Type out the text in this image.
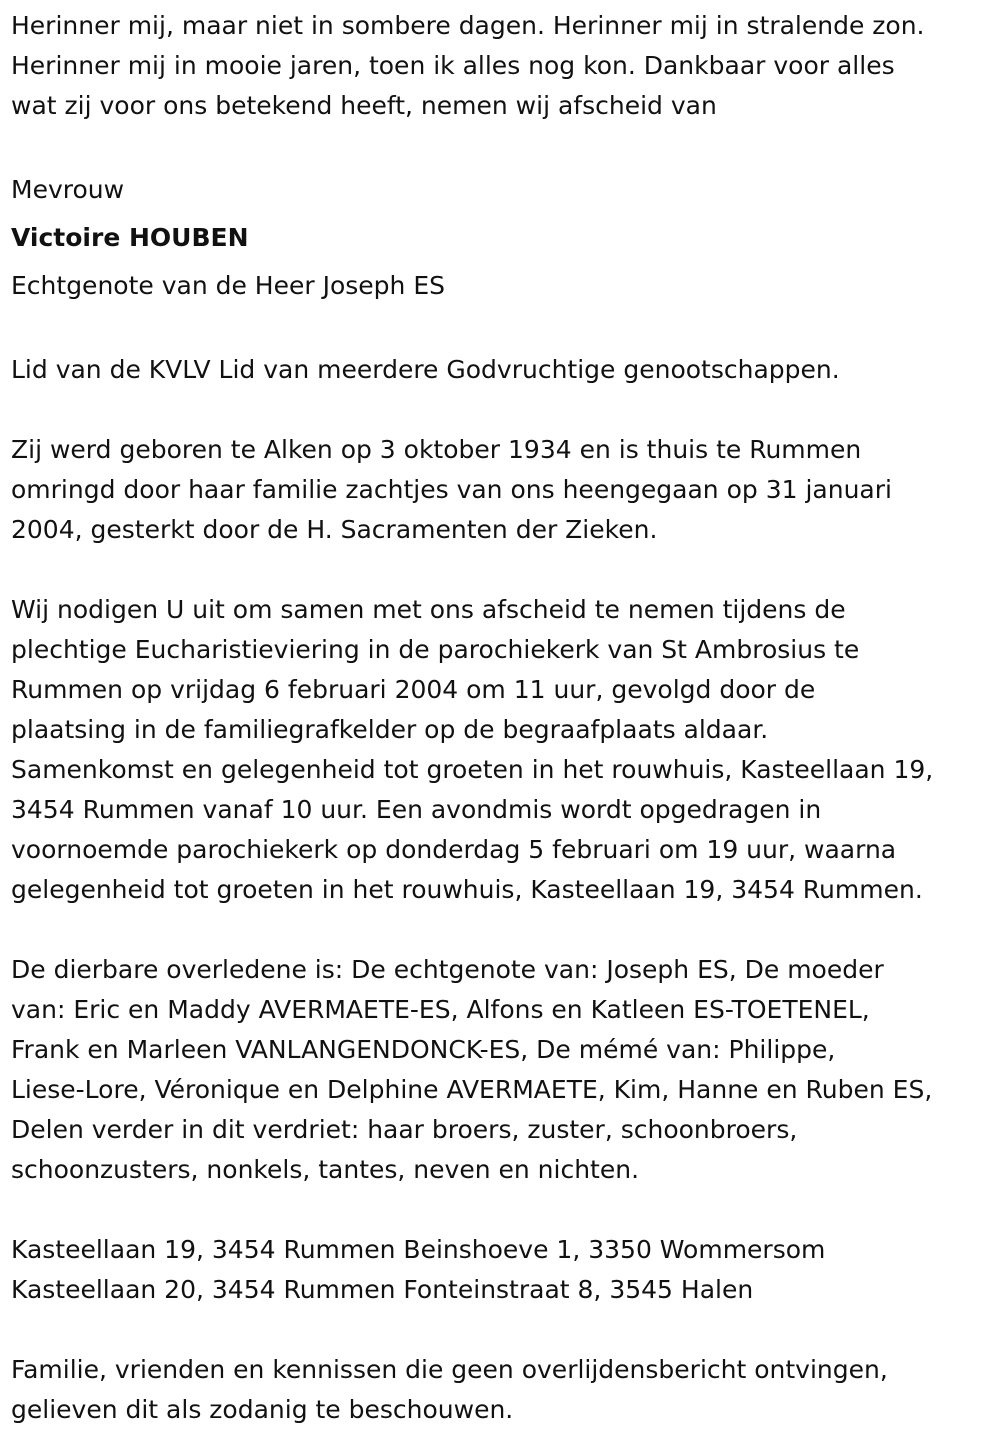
Herinner mij, maar niet in sombere dagen. Herinner mij in stralende zon.
Herinner mij in mooie jaren, toen ik alles nog kon. Dankbaar voor alles
wat zij voor ons betekend heeft, nemen wij afscheid van

Mevrouw
Victoire HOUBEN
Echtgenote van de Heer Joseph ES

Lid van de KVLV Lid van meerdere Godvruchtige genootschappen.

Zij werd geboren te Alken op 3 oktober 1934 en is thuis te Rummen
omringd door haar familie zachtjes van ons heengegaan op 31 januari
2004, gesterkt door de H. Sacramenten der Zieken.

Wij nodigen U uit om samen met ons afscheid te nemen tijdens de
plechtige Eucharistieviering in de parochiekerk van St Ambrosius te
Rummen op vrijdag 6 februari 2004 om 11 uur, gevolgd door de
plaatsing in de familiegrafkelder op de begraafplaats aldaar.
Samenkomst en gelegenheid tot groeten in het rouwhuis, Kasteellaan 19,
3454 Rummen vanaf 10 uur. Een avondmis wordt opgedragen in
voornoemde parochiekerk op donderdag 5 februari om 19 uur, waarna
gelegenheid tot groeten in het rouwhuis, Kasteellaan 19, 3454 Rummen.

De dierbare overledene is: De echtgenote van: Joseph ES, De moeder
van: Eric en Maddy AVERMAETE-ES, Alfons en Katleen ES-TOETENEL,
Frank en Marleen VANLANGENDONCK-ES, De mémé van: Philippe,
Liese-Lore, Véronique en Delphine AVERMAETE, Kim, Hanne en Ruben ES,
Delen verder in dit verdriet: haar broers, zuster, schoonbroers,
schoonzusters, nonkels, tantes, neven en nichten.

Kasteellaan 19, 3454 Rummen Beinshoeve 1, 3350 Wommersom
Kasteellaan 20, 3454 Rummen Fonteinstraat 8, 3545 Halen

Familie, vrienden en kennissen die geen overlijdensbericht ontvingen,
gelieven dit als zodanig te beschouwen.
